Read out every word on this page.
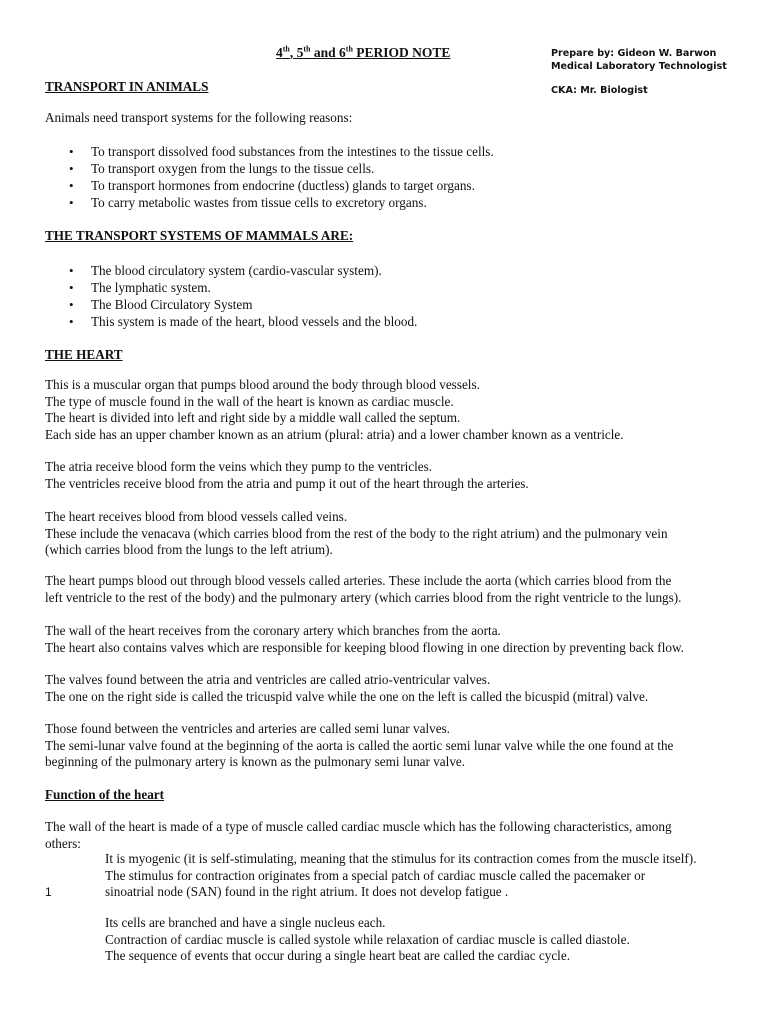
4th, 5th and 6th PERIOD NOTE	Prepare by: Gideon W. Barwon
Medical Laboratory Technologist
CKA: Mr. Biologist
TRANSPORT IN ANIMALS
Animals need transport systems for the following reasons:
• To transport dissolved food substances from the intestines to the tissue cells.
• To transport oxygen from the lungs to the tissue cells.
• To transport hormones from endocrine (ductless) glands to target organs.
• To carry metabolic wastes from tissue cells to excretory organs.
THE TRANSPORT SYSTEMS OF MAMMALS ARE:
• The blood circulatory system (cardio-vascular system).
• The lymphatic system.
• The Blood Circulatory System
• This system is made of the heart, blood vessels and the blood.
THE HEART
This is a muscular organ that pumps blood around the body through blood vessels.
The type of muscle found in the wall of the heart is known as cardiac muscle.
The heart is divided into left and right side by a middle wall called the septum.
Each side has an upper chamber known as an atrium (plural: atria) and a lower chamber known as a ventricle.
The atria receive blood form the veins which they pump to the ventricles.
The ventricles receive blood from the atria and pump it out of the heart through the arteries.
The heart receives blood from blood vessels called veins.
These include the venacava (which carries blood from the rest of the body to the right atrium) and the pulmonary vein
(which carries blood from the lungs to the left atrium).
The heart pumps blood out through blood vessels called arteries. These include the aorta (which carries blood from the
left ventricle to the rest of the body) and the pulmonary artery (which carries blood from the right ventricle to the lungs).
The wall of the heart receives from the coronary artery which branches from the aorta.
The heart also contains valves which are responsible for keeping blood flowing in one direction by preventing back flow.
The valves found between the atria and ventricles are called atrio-ventricular valves.
The one on the right side is called the tricuspid valve while the one on the left is called the bicuspid (mitral) valve.
Those found between the ventricles and arteries are called semi lunar valves.
The semi-lunar valve found at the beginning of the aorta is called the aortic semi lunar valve while the one found at the
beginning of the pulmonary artery is known as the pulmonary semi lunar valve.
Function of the heart
The wall of the heart is made of a type of muscle called cardiac muscle which has the following characteristics, among
others:
It is myogenic (it is self-stimulating, meaning that the stimulus for its contraction comes from the muscle itself).
The stimulus for contraction originates from a special patch of cardiac muscle called the pacemaker or
sinoatrial node (SAN) found in the right atrium. It does not develop fatigue .
1
Its cells are branched and have a single nucleus each.
Contraction of cardiac muscle is called systole while relaxation of cardiac muscle is called diastole.
The sequence of events that occur during a single heart beat are called the cardiac cycle.
